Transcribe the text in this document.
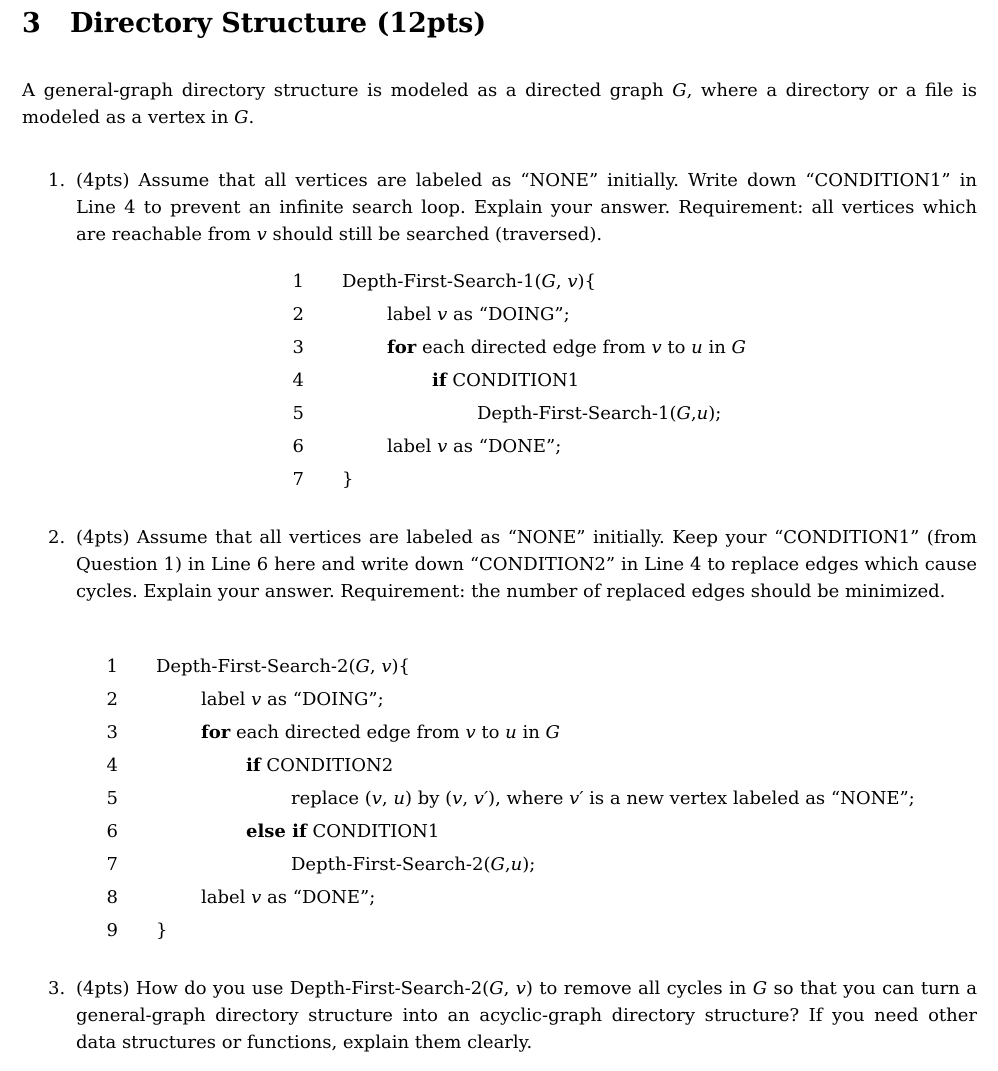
3 Directory Structure (12pts)

A general-graph directory structure is modeled as a directed graph G, where a directory or a file is modeled as a vertex in G.

1. (4pts) Assume that all vertices are labeled as “NONE” initially. Write down “CONDITION1” in Line 4 to prevent an infinite search loop. Explain your answer. Requirement: all vertices which are reachable from v should still be searched (traversed).
1 Depth-First-Search-1(G, v){
2	label v as “DOING”;
3	for each directed edge from v to u in G
4	if CONDITION1
5	Depth-First-Search-1(G,u);
6	label v as “DONE”;
7 }
2. (4pts) Assume that all vertices are labeled as “NONE” initially. Keep your “CONDITION1” (from Question 1) in Line 6 here and write down “CONDITION2” in Line 4 to replace edges which cause cycles. Explain your answer. Requirement: the number of replaced edges should be minimized.
1 Depth-First-Search-2(G, v){
2	label v as “DOING”;
3	for each directed edge from v to u in G
4	if CONDITION2
5	replace (v, u) by (v, v′), where v′ is a new vertex labeled as “NONE”;
6	else if CONDITION1
7	Depth-First-Search-2(G,u);
8	label v as “DONE”;
9 }
3. (4pts) How do you use Depth-First-Search-2(G, v) to remove all cycles in G so that you can turn a general-graph directory structure into an acyclic-graph directory structure? If you need other data structures or functions, explain them clearly.
